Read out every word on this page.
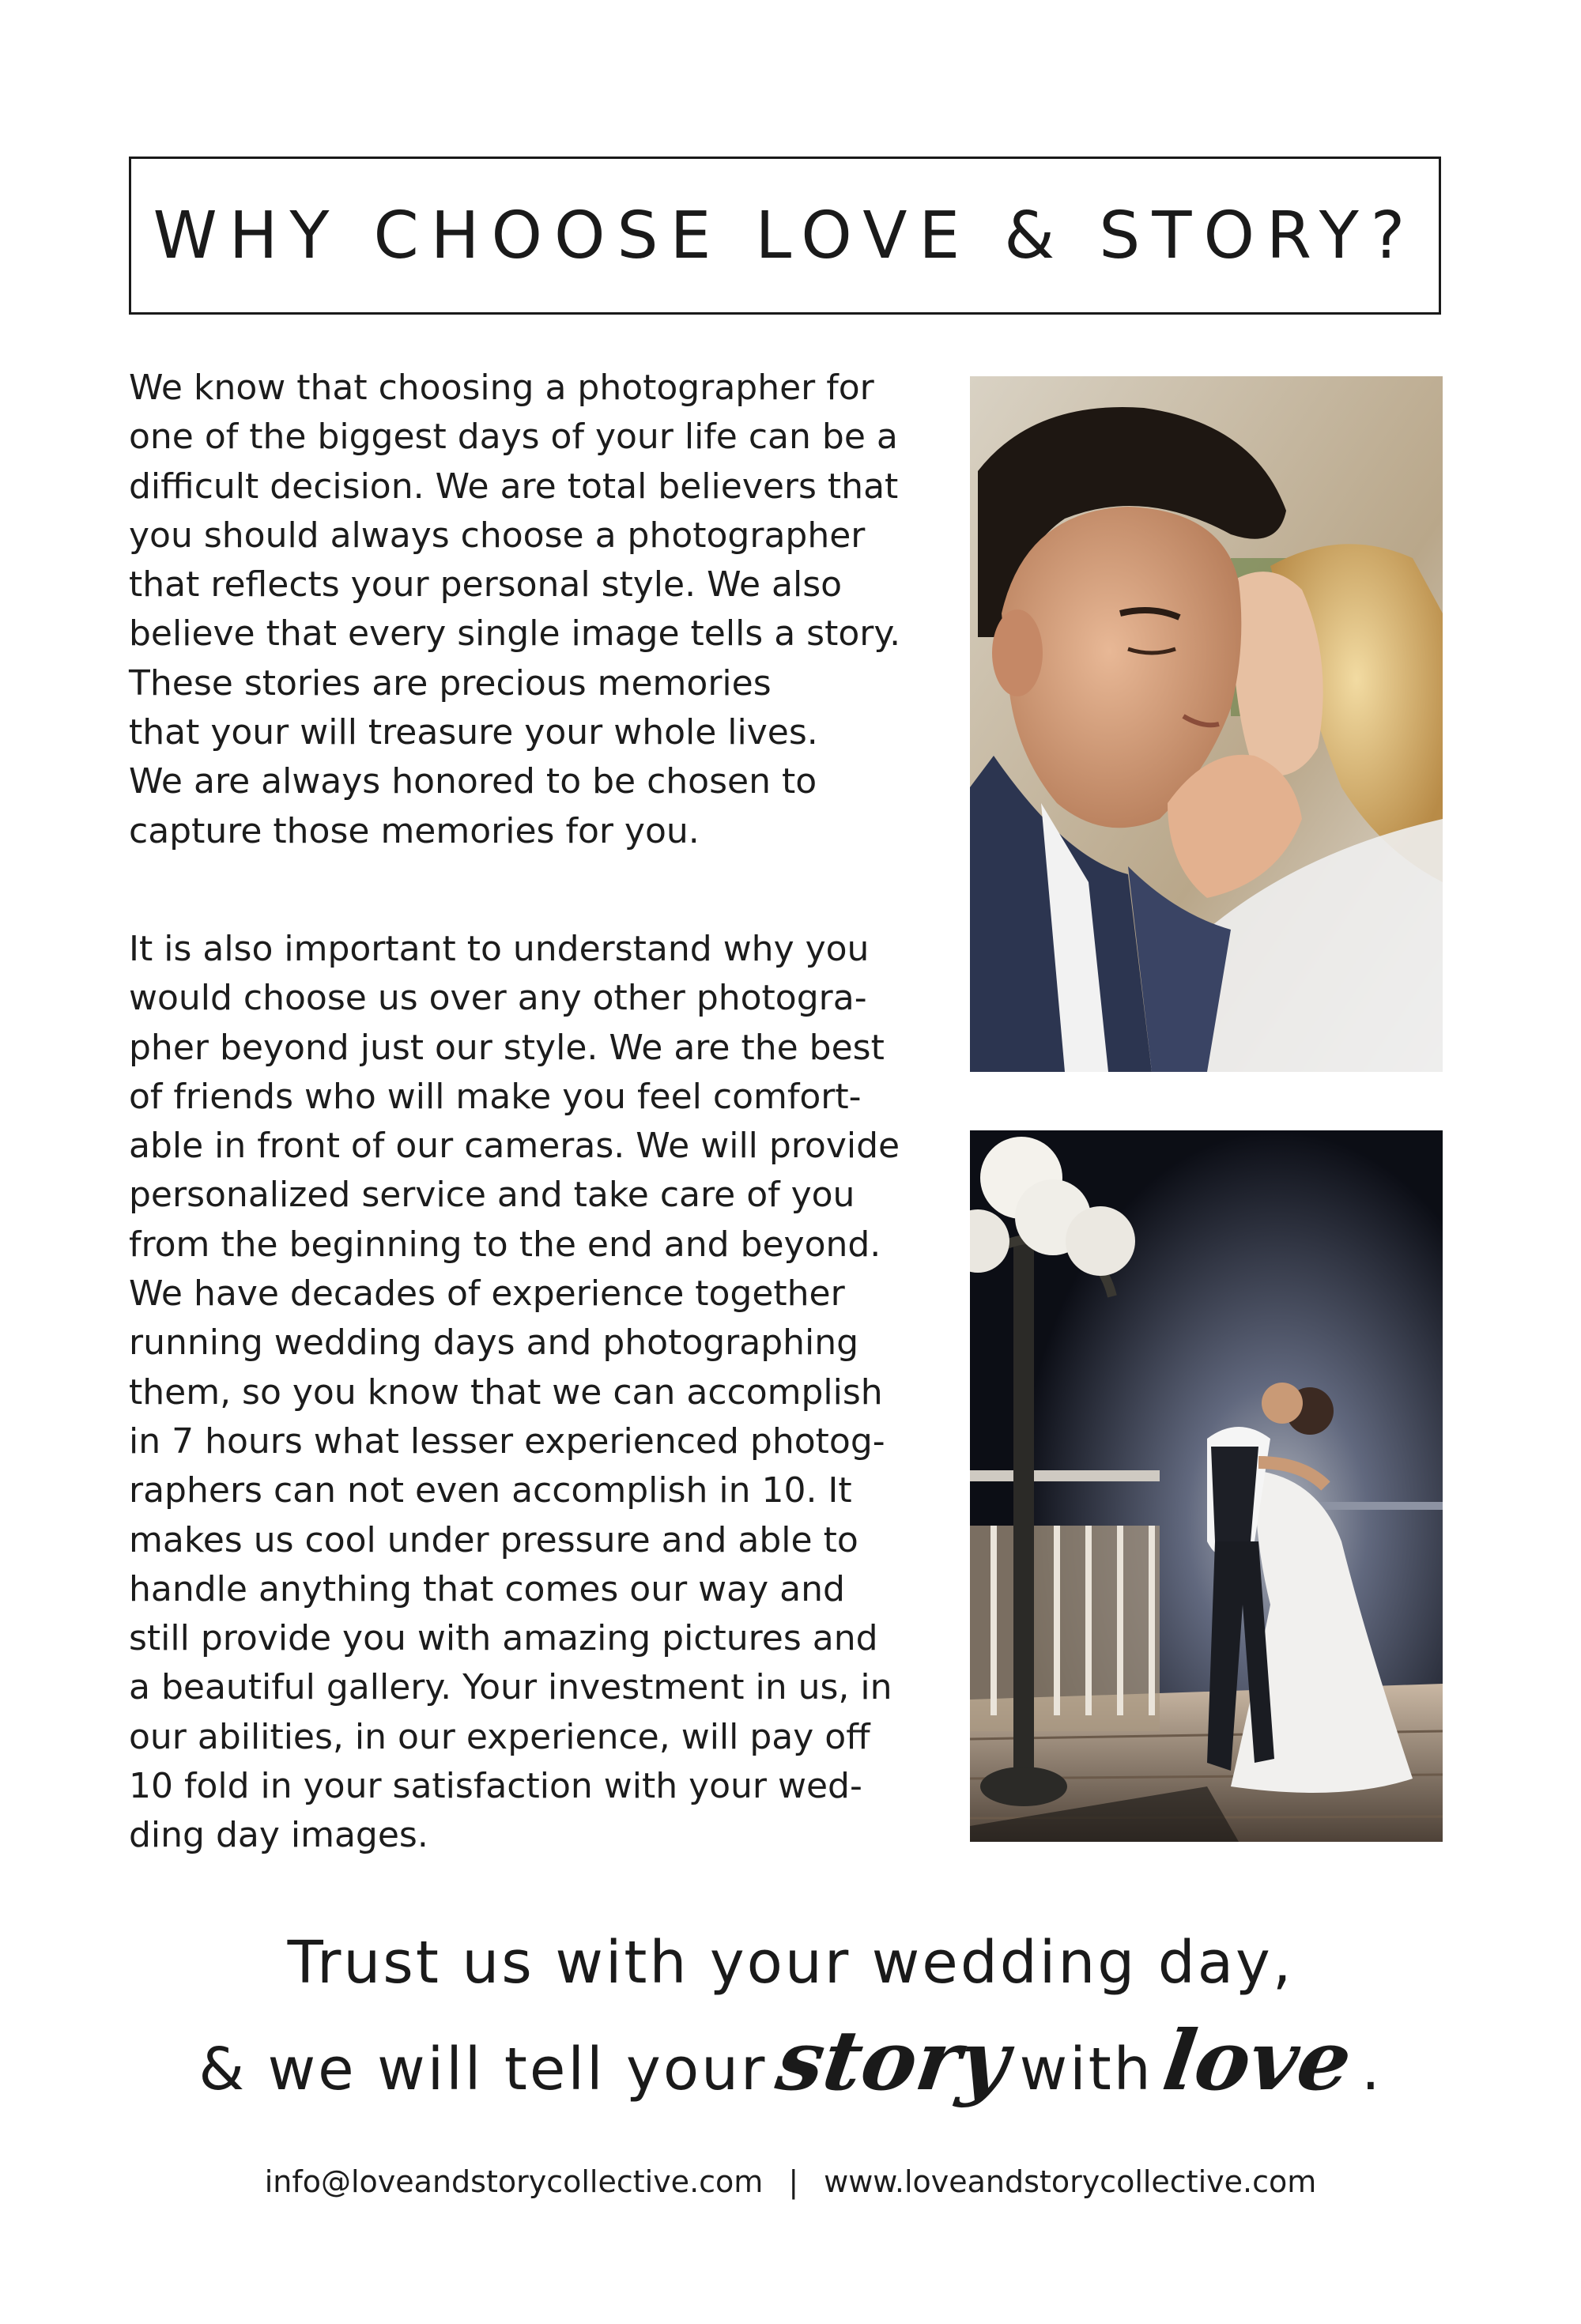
WHY CHOOSE LOVE & STORY?

We know that choosing a photographer for
one of the biggest days of your life can be a
difficult decision. We are total believers that
you should always choose a photographer
that reflects your personal style. We also
believe that every single image tells a story.
These stories are precious memories
that your will treasure your whole lives.
We are always honored to be chosen to
capture those memories for you.

It is also important to understand why you
would choose us over any other photogra-
pher beyond just our style. We are the best
of friends who will make you feel comfort-
able in front of our cameras. We will provide
personalized service and take care of you
from the beginning to the end and beyond.
We have decades of experience together
running wedding days and photographing
them, so you know that we can accomplish
in 7 hours what lesser experienced photog-
raphers can not even accomplish in 10. It
makes us cool under pressure and able to
handle anything that comes our way and
still provide you with amazing pictures and
a beautiful gallery. Your investment in us, in
our abilities, in our experience, will pay off
10 fold in your satisfaction with your wed-
ding day images.

Trust us with your wedding day,

& we will tell yourstorywithlove.

info@loveandstorycollective.com | www.loveandstorycollective.com
